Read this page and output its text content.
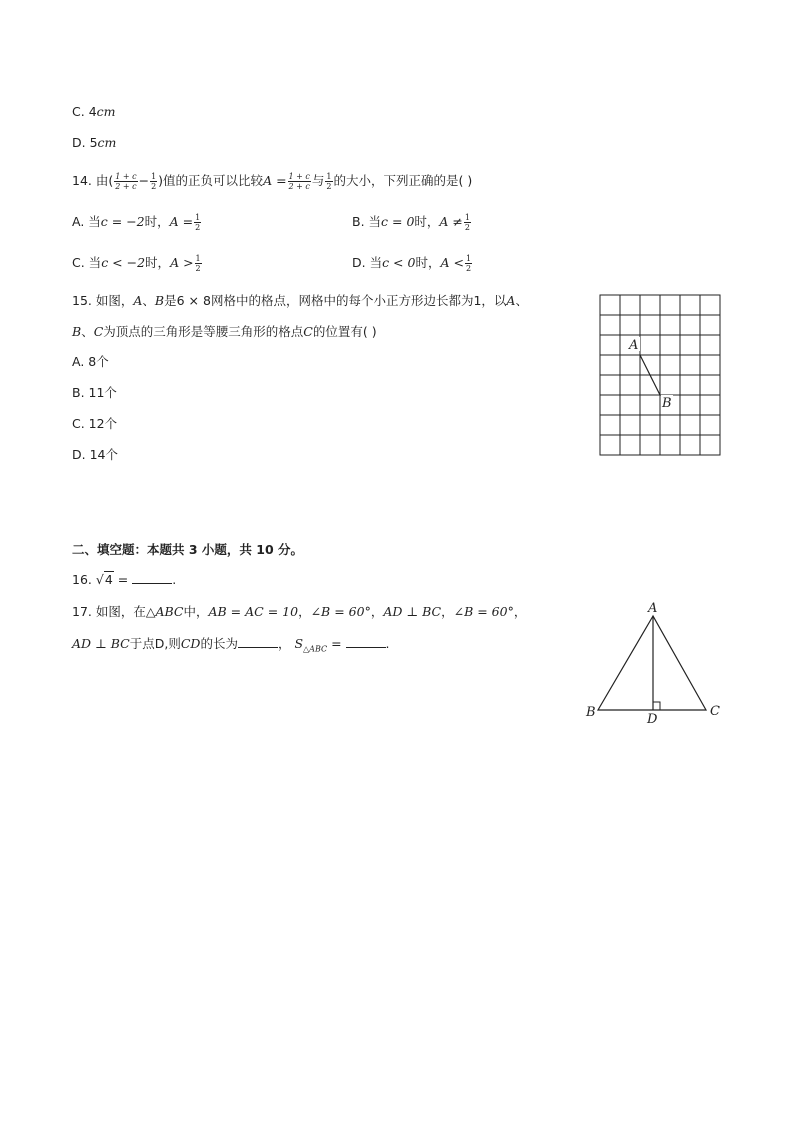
C. 4cm
D. 5cm
14. 由( $\frac{1 + c}{2 + c} - \frac{1}{2}$ )值的正负可以比较$A = \frac{1 + c}{2 + c}$ 与 $\frac{1}{2}$ 的大小，下列正确的是( )
A. 当c = −2时，$A = \frac{1}{2}$	B. 当c = 0时，$A \ne \frac{1}{2}$
C. 当c < −2时，$A > \frac{1}{2}$	D. 当c < 0时，$A < \frac{1}{2}$
15. 如图，A、B是6 × 8网格中的格点，网格中的每个小正方形边长都为1，以A、
B、C为顶点的三角形是等腰三角形的格点C的位置有( )
A. 8个
B. 11个
C. 12个
D. 14个
A
B
二、填空题：本题共 3 小题，共 10 分。
16. √4 =	.
17. 如图，在△ABC中，AB = AC = 10，∠B = 60°，AD ⊥ BC，∠B = 60°，
AD ⊥ BC于点D,则CD的长为	， $S_{\triangle ABC}$ =	.
A
B	C
D
